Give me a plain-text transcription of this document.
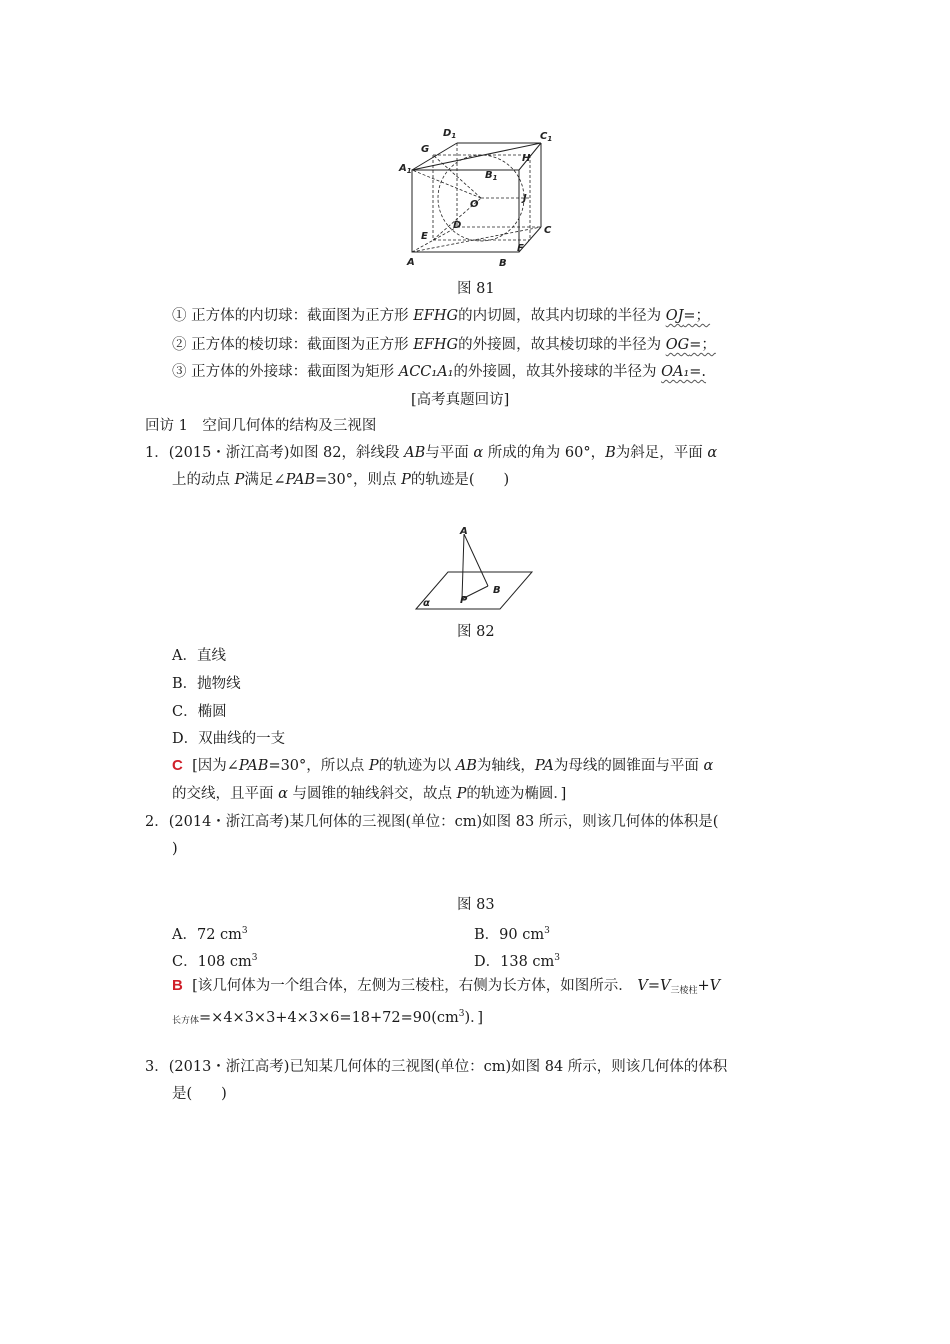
$A_1$
$D_1$	$C_1$
$B_1$
G
H
J
O
D	C
E
F
A	B
图 81
① 正方体的内切球：截面图为正方形 EFHG的内切圆，故其内切球的半径为 OJ=；
② 正方体的棱切球：截面图为正方形 EFHG的外接圆，故其棱切球的半径为 OG=；
③ 正方体的外接球：截面图为矩形 ACC₁A₁的外接圆，故其外接球的半径为 OA₁=.
[高考真题回访]
回访 1　空间几何体的结构及三视图
1．(2015・浙江高考)如图 82，斜线段 AB与平面 α 所成的角为 60°，B为斜足，平面 α
上的动点 P满足∠PAB=30°，则点 P的轨迹是(　　)
A
B
P
α
图 82
A．直线
B．抛物线
C．椭圆
D．双曲线的一支
C [因为∠PAB=30°，所以点 P的轨迹为以 AB为轴线，PA为母线的圆锥面与平面 α
的交线，且平面 α 与圆锥的轴线斜交，故点 P的轨迹为椭圆．]
2．(2014・浙江高考)某几何体的三视图(单位：cm)如图 83 所示，则该几何体的体积是(
)
图 83
A．72 $cm^3$	B．90 $cm^3$
C．108 $cm^3$	D．138 $cm^3$
B [该几何体为一个组合体，左侧为三棱柱，右侧为长方体，如图所示． $V=V_{三棱柱}+V$
长方体$=\times 4\times 3\times 3+4\times 3\times 6=18+72=90(cm^3)$．]
3．(2013・浙江高考)已知某几何体的三视图(单位：cm)如图 84 所示，则该几何体的体积
是(　　)
